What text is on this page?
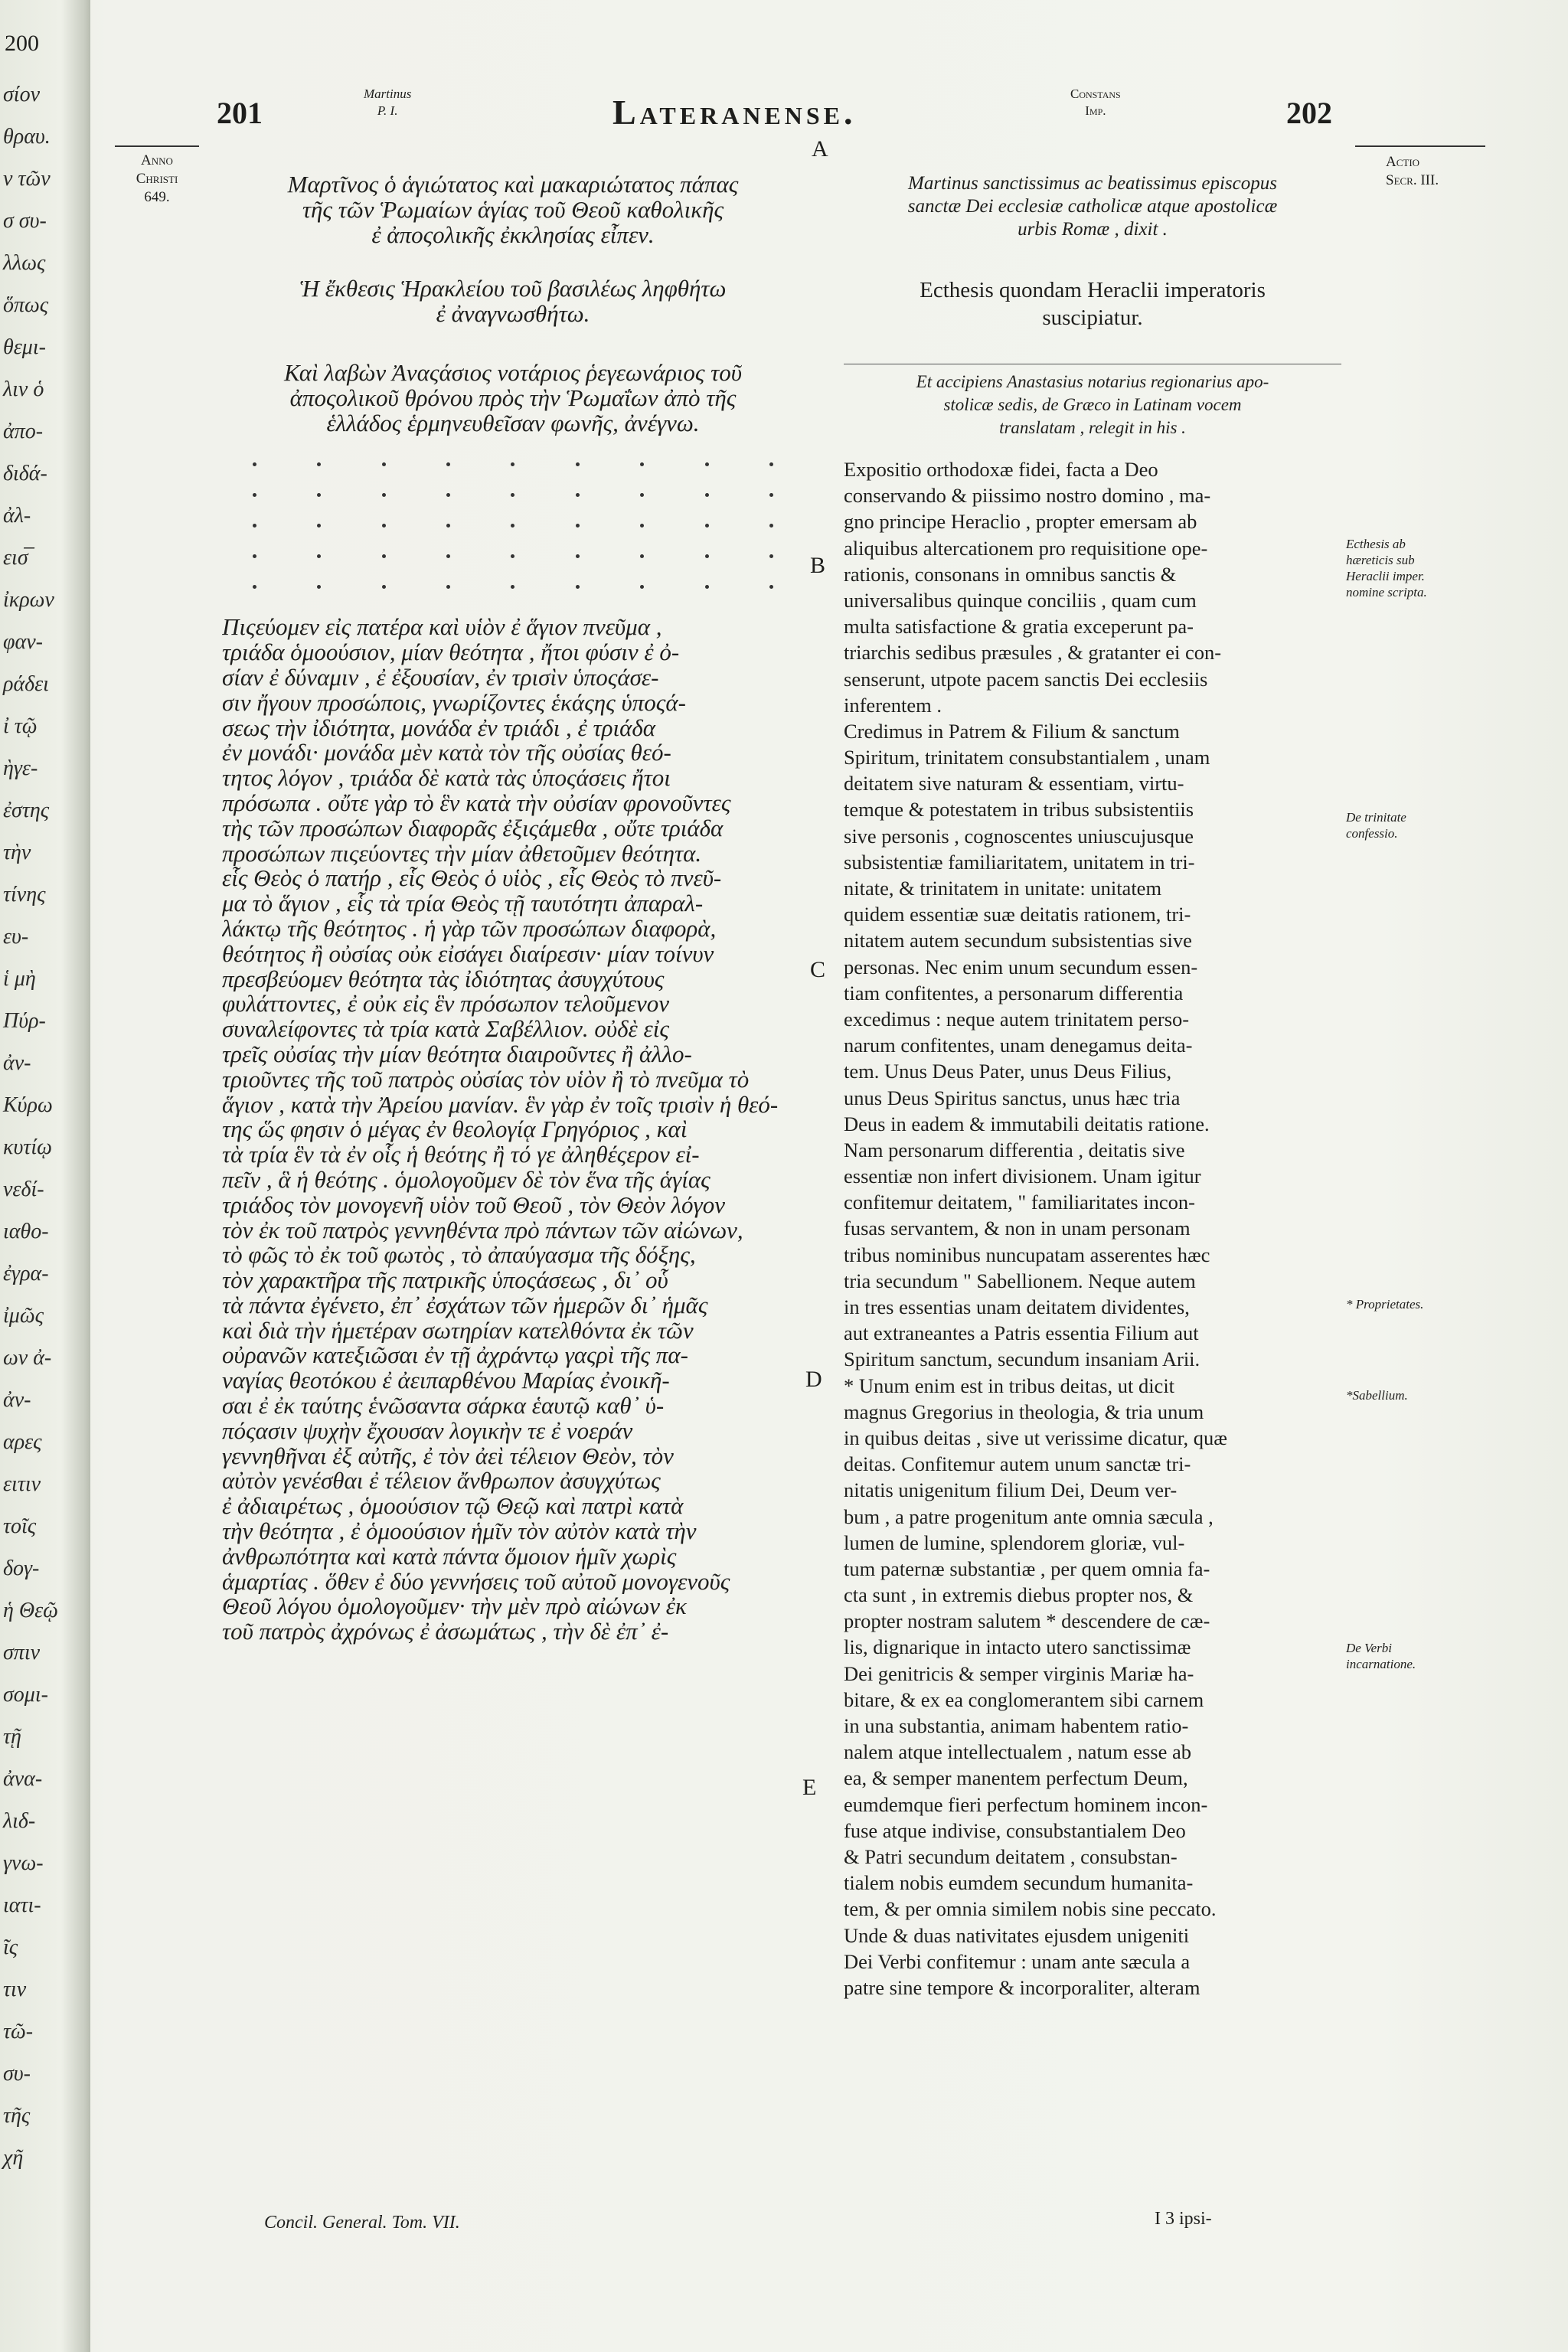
200
σίον
θραυ.
ν τῶν
σ συ-
λλως
ὅπως
θεμι-
λιν ὁ
ἀπο-
διδά-
ἀλ-
εισ̅
ἰκρων
φαν-
ράδει
ἰ τῷ
ὴγε-
ἐστης
τὴν
τίνης
ευ-
ἱ μὴ
Πύρ-
ἀν-
Κύρω
κυτίῳ
νεδί-
ιαθο-
ἐγρα-
ἰμῶς
ων ἀ-
ἀν-
αρες
ειτιν
τοῖς
δογ-
ἡ Θεῷ
σπιν
σομι-
τῇ
ἀνα-
λιδ-
γνω-
ιατι-
ῖς
τιν
τῶ-
συ-
τῆς
χῆ
201
Martinus
P. I.	Lateranense.	Constans
Imp.	202
Anno
Christi
649.
Actio
Secr. III.
A
B
C
D
E
Μαρτῖνος ὁ ἁγιώτατος καὶ μακαριώτατος πάπας
τῆς τῶν Ῥωμαίων ἁγίας τοῦ Θεοῦ καθολικῆς
ἐ ἀποςολικῆς ἐκκλησίας εἶπεν.
Ἡ ἔκθεσις Ἡρακλείου τοῦ βασιλέως ληφθήτω
ἐ ἀναγνωσθήτω.
Καὶ λαβὼν Ἀναςάσιος νοτάριος ῥεγεωνάριος τοῦ
ἀποςολικοῦ θρόνου πρὸς τὴν Ῥωμαΐων ἀπὸ τῆς
ἑλλάδος ἑρμηνευθεῖσαν φωνῆς, ἀνέγνω.
Πιςεύομεν εἰς πατέρα καὶ υἱὸν ἐ ἅγιον πνεῦμα ,
τριάδα ὁμοούσιον, μίαν θεότητα , ἤτοι φύσιν ἐ ὀ-
σίαν ἐ δύναμιν , ἐ ἐξουσίαν, ἐν τρισὶν ὑποςάσε-
σιν ἤγουν προσώποις, γνωρίζοντες ἑκάςης ὑποςά-
σεως τὴν ἰδιότητα, μονάδα ἐν τριάδι , ἐ τριάδα
ἐν μονάδι· μονάδα μὲν κατὰ τὸν τῆς οὐσίας θεό-
τητος λόγον , τριάδα δὲ κατὰ τὰς ὑποςάσεις ἤτοι
πρόσωπα . οὔτε γὰρ τὸ ἓν κατὰ τὴν οὐσίαν φρονοῦντες
τὴς τῶν προσώπων διαφορᾶς ἐξιςάμεθα , οὔτε τριάδα
προσώπων πιςεύοντες τὴν μίαν ἀθετοῦμεν θεότητα.
εἷς Θεὸς ὁ πατήρ , εἷς Θεὸς ὁ υἱὸς , εἷς Θεὸς τὸ πνεῦ-
μα τὸ ἅγιον , εἷς τὰ τρία Θεὸς τῇ ταυτότητι ἀπαραλ-
λάκτῳ τῆς θεότητος . ἡ γὰρ τῶν προσώπων διαφορὰ,
θεότητος ἢ οὐσίας οὐκ εἰσάγει διαίρεσιν· μίαν τοίνυν
πρεσβεύομεν θεότητα τὰς ἰδιότητας ἀσυγχύτους
φυλάττοντες, ἐ οὐκ εἰς ἓν πρόσωπον τελοῦμενον
συναλείφοντες τὰ τρία κατὰ Σαβέλλιον. οὐδὲ εἰς
τρεῖς οὐσίας τὴν μίαν θεότητα διαιροῦντες ἢ ἀλλο-
τριοῦντες τῆς τοῦ πατρὸς οὐσίας τὸν υἱὸν ἢ τὸ πνεῦμα τὸ
ἅγιον , κατὰ τὴν Ἀρείου μανίαν. ἓν γὰρ ἐν τοῖς τρισὶν ἡ θεό-
της ὥς φησιν ὁ μέγας ἐν θεολογίᾳ Γρηγόριος , καὶ
τὰ τρία ἓν τὰ ἐν οἷς ἡ θεότης ἢ τό γε ἀληθέςερον εἰ-
πεῖν , ἃ ἡ θεότης . ὁμολογοῦμεν δὲ τὸν ἕνα τῆς ἁγίας
τριάδος τὸν μονογενῆ υἱὸν τοῦ Θεοῦ , τὸν Θεὸν λόγον
τὸν ἐκ τοῦ πατρὸς γεννηθέντα πρὸ πάντων τῶν αἰώνων,
τὸ φῶς τὸ ἐκ τοῦ φωτὸς , τὸ ἀπαύγασμα τῆς δόξης,
τὸν χαρακτῆρα τῆς πατρικῆς ὑποςάσεως , δι᾽ οὗ
τὰ πάντα ἐγένετο, ἐπ᾽ ἐσχάτων τῶν ἡμερῶν δι᾽ ἡμᾶς
καὶ διὰ τὴν ἡμετέραν σωτηρίαν κατελθόντα ἐκ τῶν
οὐρανῶν κατεξιῶσαι ἐν τῇ ἀχράντῳ γαςρὶ τῆς πα-
ναγίας θεοτόκου ἐ ἀειπαρθένου Μαρίας ἐνοικῆ-
σαι ἐ ἐκ ταύτης ἑνῶσαντα σάρκα ἑαυτῷ καθ᾽ ὑ-
πόςασιν ψυχὴν ἔχουσαν λογικὴν τε ἐ νοεράν
γεννηθῆναι ἐξ αὐτῆς, ἐ τὸν ἀεὶ τέλειον Θεὸν, τὸν
αὐτὸν γενέσθαι ἐ τέλειον ἄνθρωπον ἀσυγχύτως
ἐ ἀδιαιρέτως , ὁμοούσιον τῷ Θεῷ καὶ πατρὶ κατὰ
τὴν θεότητα , ἐ ὁμοούσιον ἡμῖν τὸν αὐτὸν κατὰ τὴν
ἀνθρωπότητα καὶ κατὰ πάντα ὅμοιον ἡμῖν χωρὶς
ἁμαρτίας . ὅθεν ἐ δύο γεννήσεις τοῦ αὐτοῦ μονογενοῦς
Θεοῦ λόγου ὁμολογοῦμεν· τὴν μὲν πρὸ αἰώνων ἐκ
τοῦ πατρὸς ἀχρόνως ἐ ἀσωμάτως , τὴν δὲ ἐπ᾽ ἐ-
Martinus sanctissimus ac beatissimus episcopus
sanctæ Dei ecclesiæ catholicæ atque apostolicæ
urbis Romæ , dixit .
Ecthesis quondam Heraclii imperatoris
suscipiatur.
Et accipiens Anastasius notarius regionarius apo-
stolicæ sedis, de Græco in Latinam vocem
translatam , relegit in his .
Expositio orthodoxæ fidei, facta a Deo
conservando & piissimo nostro domino , ma-
gno principe Heraclio , propter emersam ab
aliquibus altercationem pro requisitione ope-
rationis, consonans in omnibus sanctis &
universalibus quinque conciliis , quam cum
multa satisfactione & gratia exceperunt pa-
triarchis sedibus præsules , & gratanter ei con-
senserunt, utpote pacem sanctis Dei ecclesiis
inferentem .
Credimus in Patrem & Filium & sanctum
Spiritum, trinitatem consubstantialem , unam
deitatem sive naturam & essentiam, virtu-
temque & potestatem in tribus subsistentiis
sive personis , cognoscentes uniuscujusque
subsistentiæ familiaritatem, unitatem in tri-
nitate, & trinitatem in unitate: unitatem
quidem essentiæ suæ deitatis rationem, tri-
nitatem autem secundum subsistentias sive
personas. Nec enim unum secundum essen-
tiam confitentes, a personarum differentia
excedimus : neque autem trinitatem perso-
narum confitentes, unam denegamus deita-
tem. Unus Deus Pater, unus Deus Filius,
unus Deus Spiritus sanctus, unus hæc tria
Deus in eadem & immutabili deitatis ratione.
Nam personarum differentia , deitatis sive
essentiæ non infert divisionem. Unam igitur
confitemur deitatem, " familiaritates incon-
fusas servantem, & non in unam personam
tribus nominibus nuncupatam asserentes hæc
tria secundum " Sabellionem. Neque autem
in tres essentias unam deitatem dividentes,
aut extraneantes a Patris essentia Filium aut
Spiritum sanctum, secundum insaniam Arii.
* Unum enim est in tribus deitas, ut dicit
magnus Gregorius in theologia, & tria unum
in quibus deitas , sive ut verissime dicatur, quæ
deitas. Confitemur autem unum sanctæ tri-
nitatis unigenitum filium Dei, Deum ver-
bum , a patre progenitum ante omnia sæcula ,
lumen de lumine, splendorem gloriæ, vul-
tum paternæ substantiæ , per quem omnia fa-
cta sunt , in extremis diebus propter nos, &
propter nostram salutem * descendere de cæ-
lis, dignarique in intacto utero sanctissimæ
Dei genitricis & semper virginis Mariæ ha-
bitare, & ex ea conglomerantem sibi carnem
in una substantia, animam habentem ratio-
nalem atque intellectualem , natum esse ab
ea, & semper manentem perfectum Deum,
eumdemque fieri perfectum hominem incon-
fuse atque indivise, consubstantialem Deo
& Patri secundum deitatem , consubstan-
tialem nobis eumdem secundum humanita-
tem, & per omnia similem nobis sine peccato.
Unde & duas nativitates ejusdem unigeniti
Dei Verbi confitemur : unam ante sæcula a
patre sine tempore & incorporaliter, alteram
Ecthesis ab hæreticis sub Heraclii imper. nomine scripta.
De trinitate confessio.
* Proprietates.
*Sabellium.
De Verbi incarnatione.
Concil. General. Tom. VII.	I 3 ipsi-
